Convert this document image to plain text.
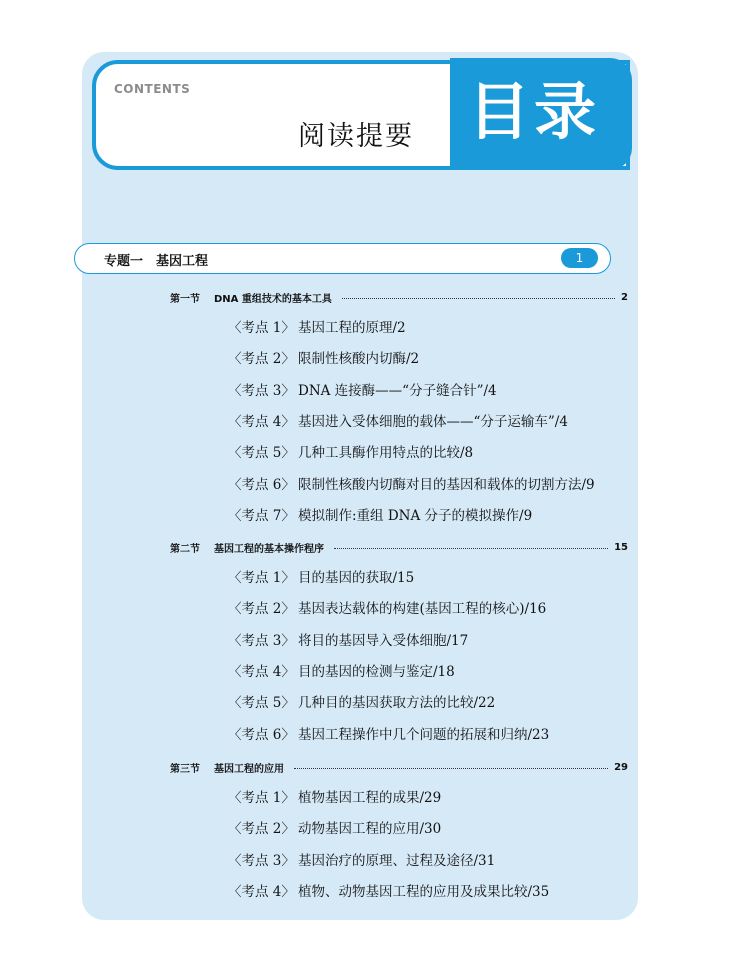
CONTENTS
阅读提要 目录
专题一　基因工程	1
第一节 DNA 重组技术的基本工具	2
〈考点 1〉 基因工程的原理/2
〈考点 2〉 限制性核酸内切酶/2
〈考点 3〉 DNA 连接酶——“分子缝合针”/4
〈考点 4〉 基因进入受体细胞的载体——“分子运输车”/4
〈考点 5〉 几种工具酶作用特点的比较/8
〈考点 6〉 限制性核酸内切酶对目的基因和载体的切割方法/9
〈考点 7〉 模拟制作:重组 DNA 分子的模拟操作/9
第二节 基因工程的基本操作程序	15
〈考点 1〉 目的基因的获取/15
〈考点 2〉 基因表达载体的构建(基因工程的核心)/16
〈考点 3〉 将目的基因导入受体细胞/17
〈考点 4〉 目的基因的检测与鉴定/18
〈考点 5〉 几种目的基因获取方法的比较/22
〈考点 6〉 基因工程操作中几个问题的拓展和归纳/23
第三节 基因工程的应用	29
〈考点 1〉 植物基因工程的成果/29
〈考点 2〉 动物基因工程的应用/30
〈考点 3〉 基因治疗的原理、过程及途径/31
〈考点 4〉 植物、动物基因工程的应用及成果比较/35
